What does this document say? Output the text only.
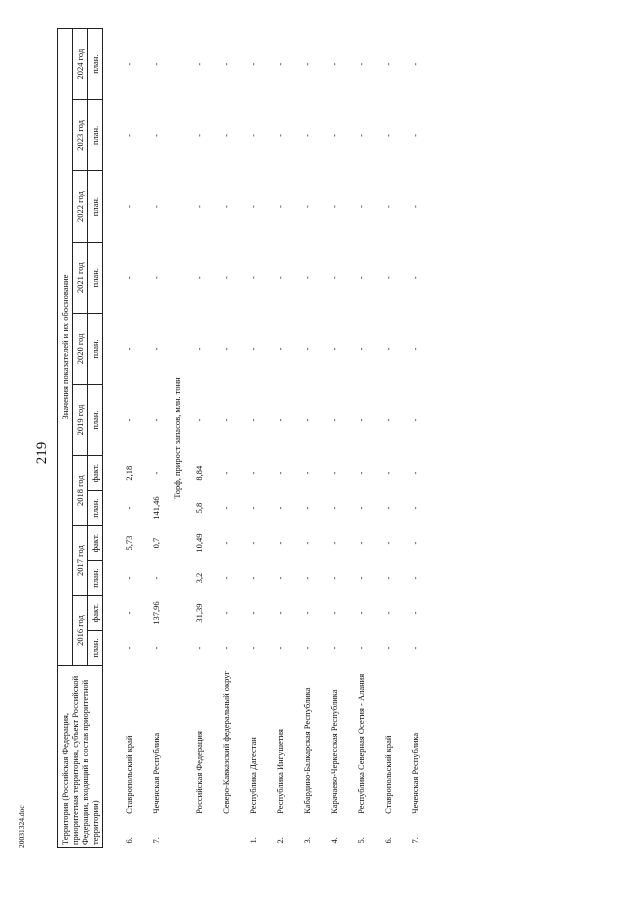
219
Территория (Российская Федерация, приоритетная территория, субъект Российской Федерации, входящий в состав приоритетной территории)		Значения показателей и их обоснование											
		2016 год		2017 год		2018 год		2019 год	2020 год	2021 год	2022 год	2023 год	2024 год
		план.	факт.	план.	факт.	план.	факт.	план.	план.	план.	план.	план.	план.

6.	Ставропольский край	-	-	-	5,73	-	2,18	-	-	-	-	-	-
7.	Чеченская Республика	-	137,96	-	0,7	141,46	-	-	-	-	-	-	-
Торф, прирост запасов, млн. тонн													
	Российская Федерация	-	31,39	3,2	10,49	5,8	8,84	-	-	-	-	-	-
	Северо-Кавказский федеральный округ	-	-	-	-	-	-	-	-	-	-	-	-
1.	Республика Дагестан	-	-	-	-	-	-	-	-	-	-	-	-
2.	Республика Ингушетия	-	-	-	-	-	-	-	-	-	-	-	-
3.	Кабардино-Балкарская Республика	-	-	-	-	-	-	-	-	-	-	-	-
4.	Карачаево-Черкесская Республика	-	-	-	-	-	-	-	-	-	-	-	-
5.	Республика Северная Осетия - Алания	-	-	-	-	-	-	-	-	-	-	-	-
6.	Ставропольский край	-	-	-	-	-	-	-	-	-	-	-	-
7.	Чеченская Республика	-	-	-	-	-	-	-	-	-	-	-	-
20031324.doc
